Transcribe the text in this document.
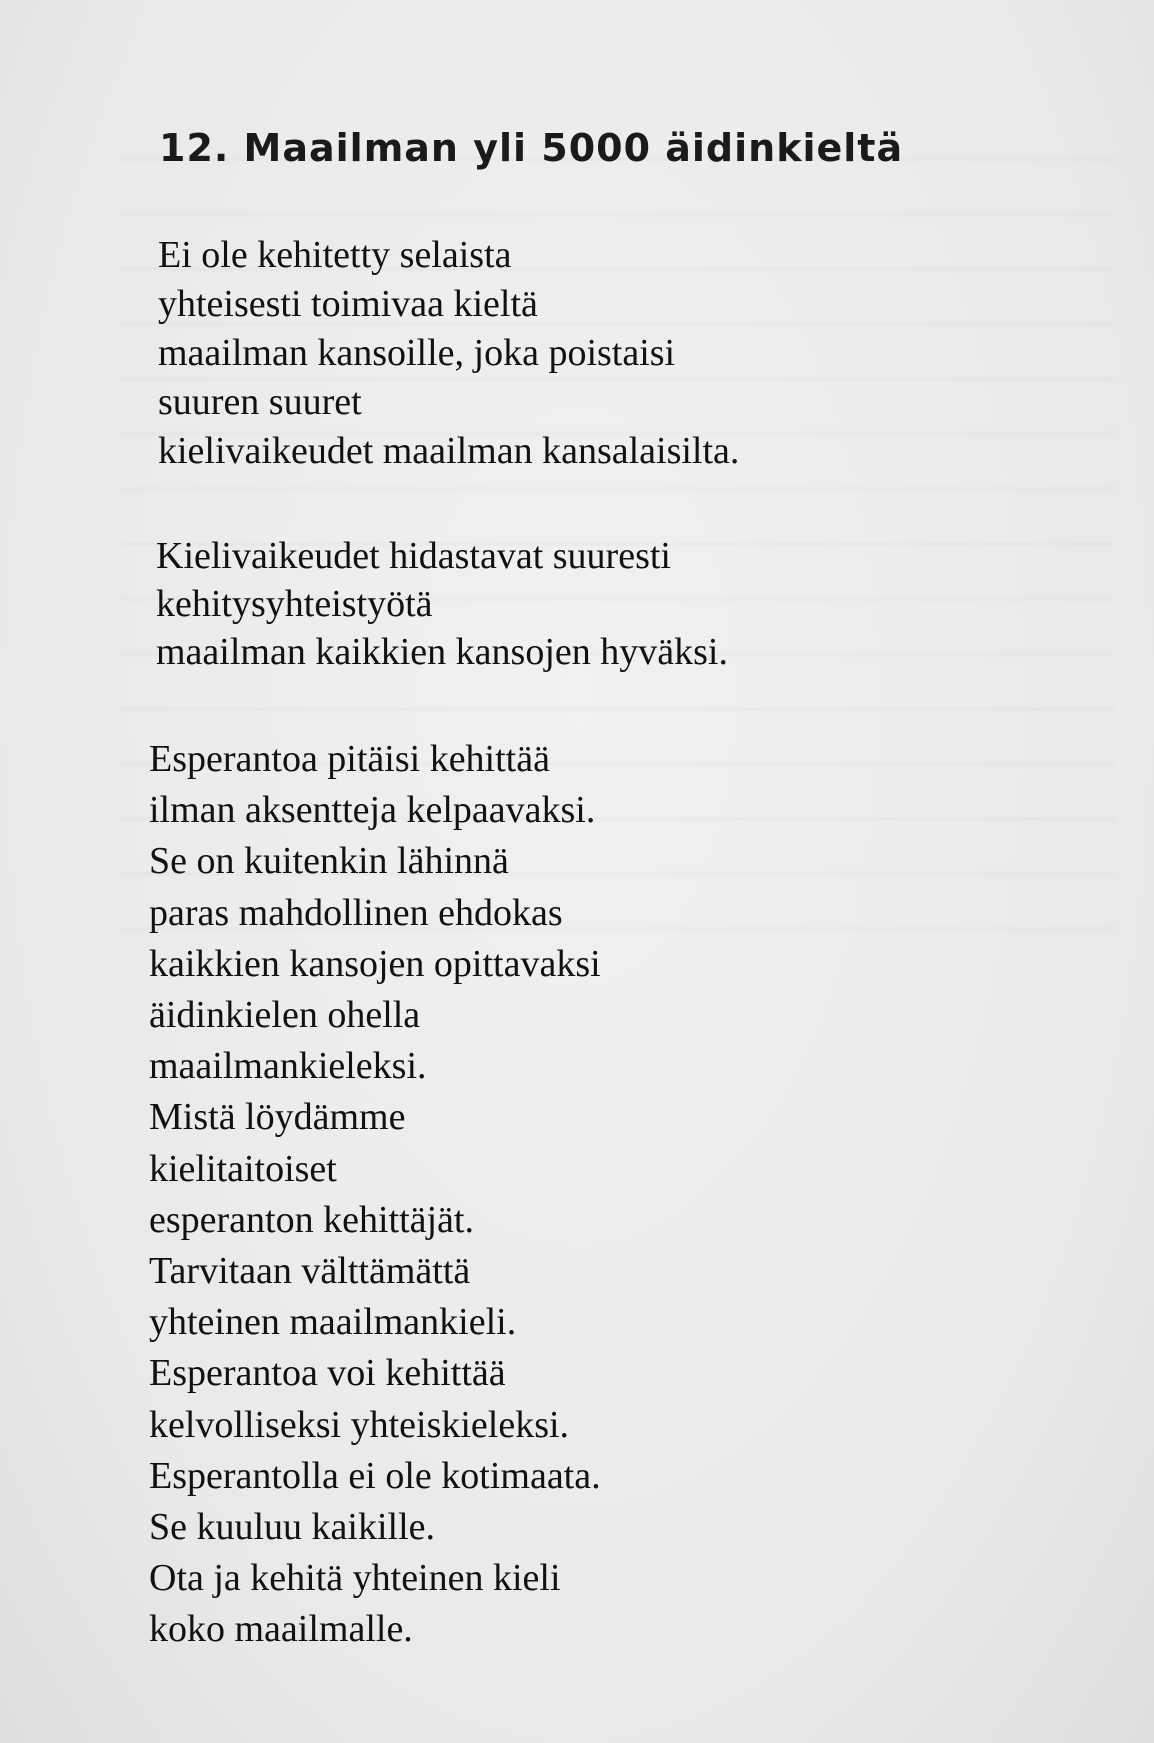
12. Maailman yli 5000 äidinkieltä

Ei ole kehitetty selaista
yhteisesti toimivaa kieltä
maailman kansoille, joka poistaisi
suuren suuret
kielivaikeudet maailman kansalaisilta.

Kielivaikeudet hidastavat suuresti
kehitysyhteistyötä
maailman kaikkien kansojen hyväksi.

Esperantoa pitäisi kehittää
ilman aksentteja kelpaavaksi.
Se on kuitenkin lähinnä
paras mahdollinen ehdokas
kaikkien kansojen opittavaksi
äidinkielen ohella
maailmankieleksi.
Mistä löydämme
kielitaitoiset
esperanton kehittäjät.
Tarvitaan välttämättä
yhteinen maailmankieli.
Esperantoa voi kehittää
kelvolliseksi yhteiskieleksi.
Esperantolla ei ole kotimaata.
Se kuuluu kaikille.
Ota ja kehitä yhteinen kieli
koko maailmalle.
